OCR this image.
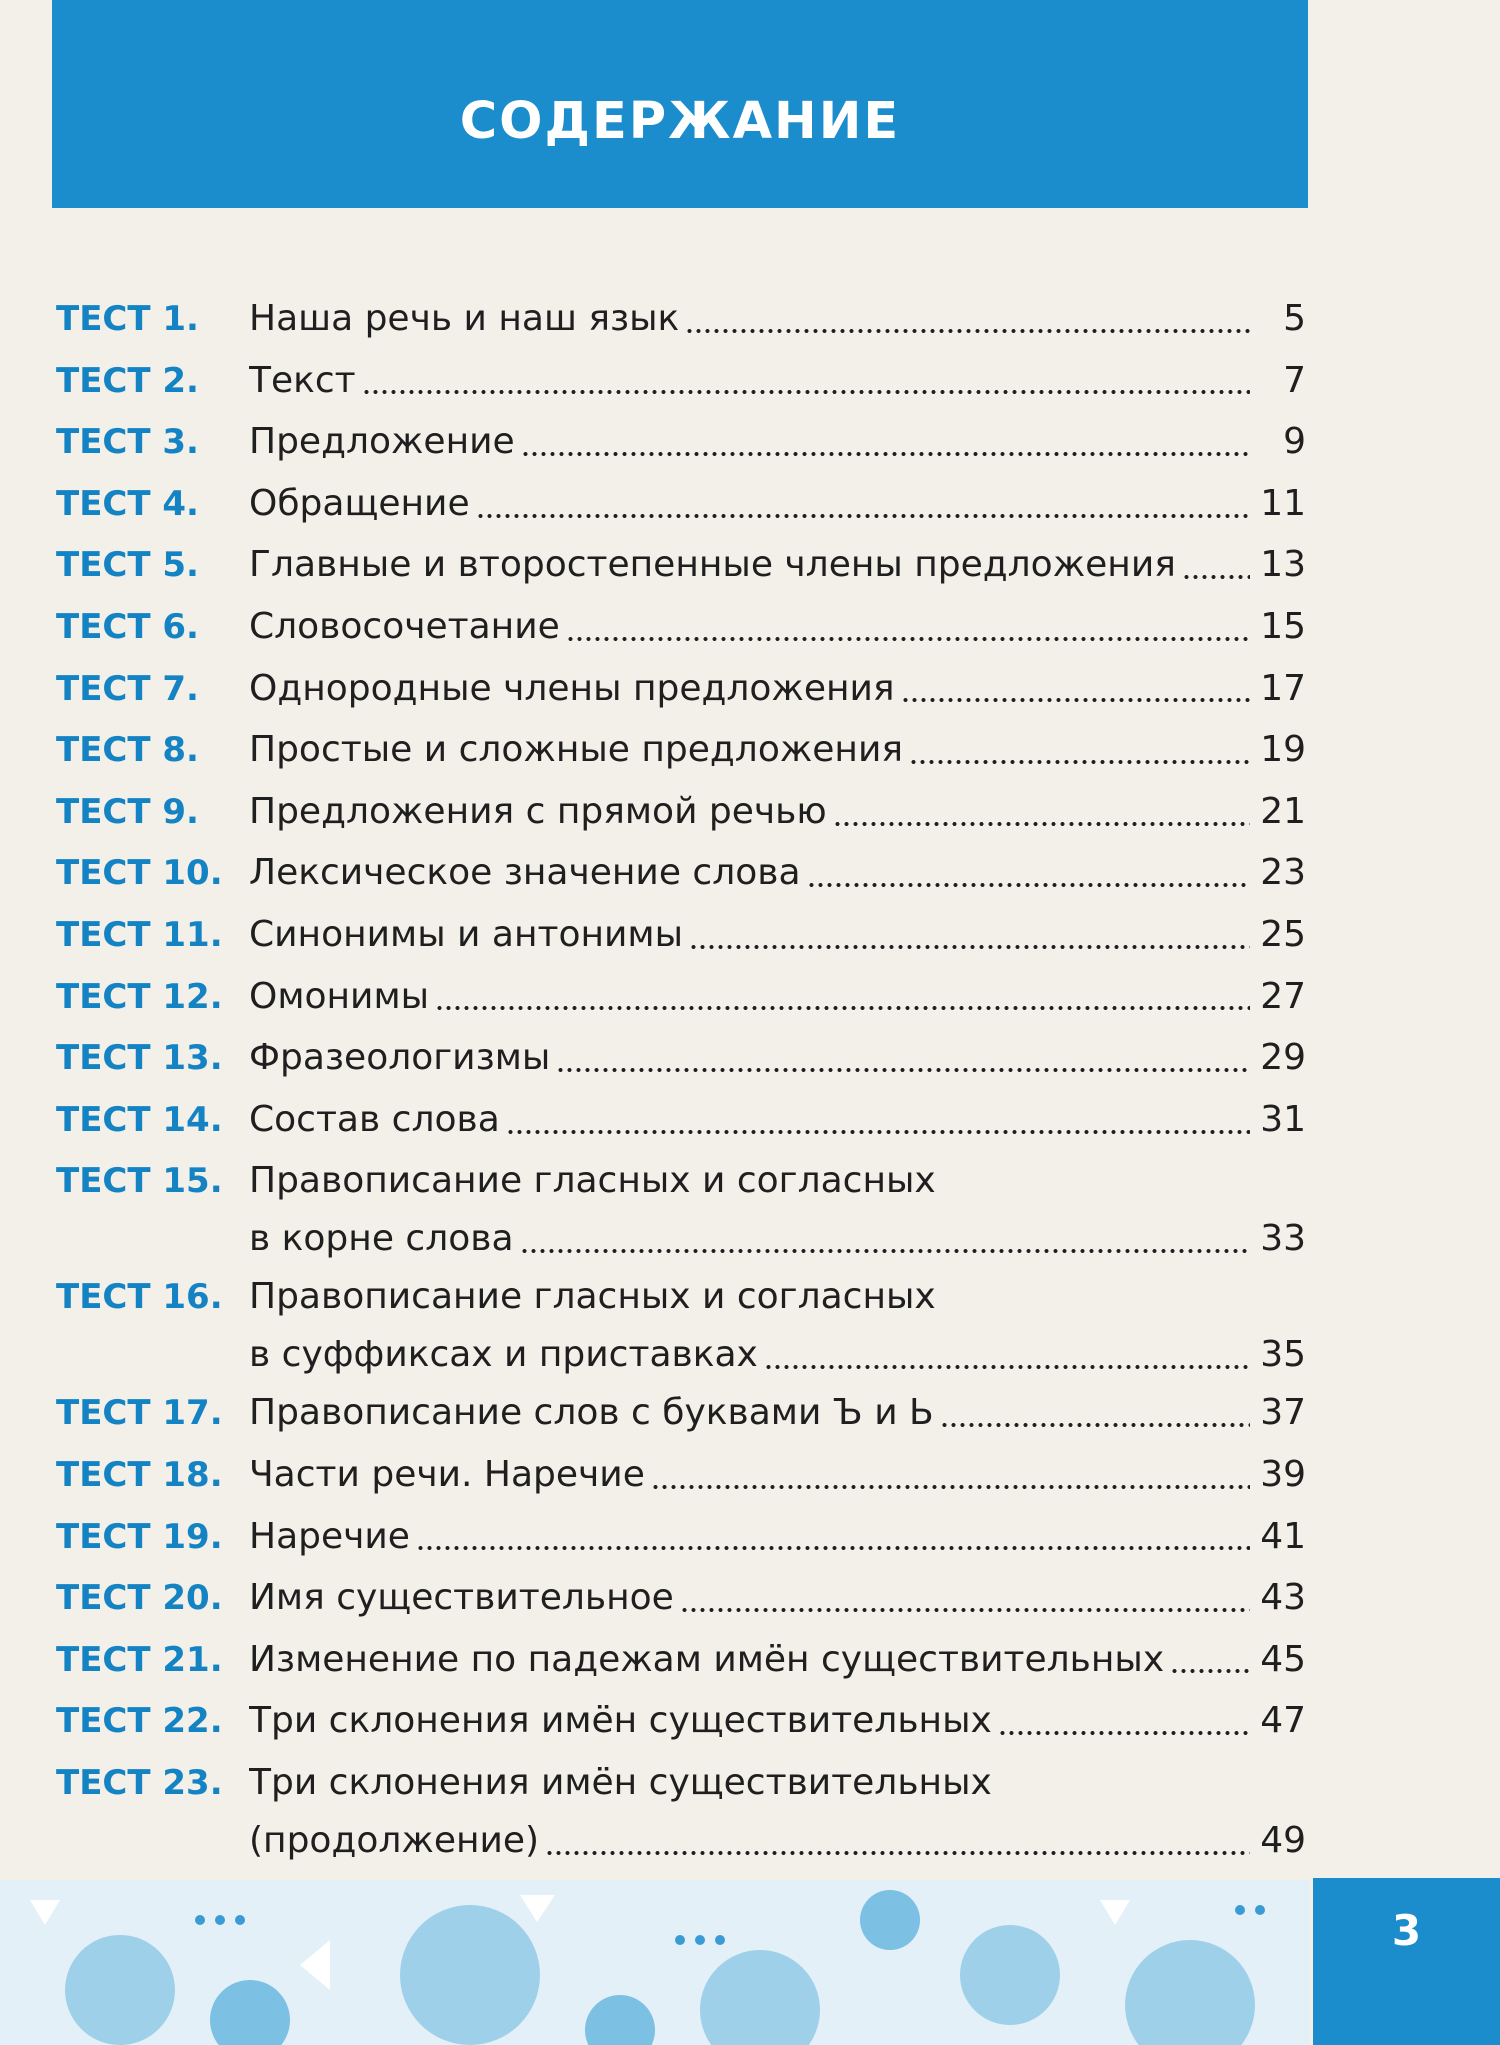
СОДЕРЖАНИЕ
ТЕСТ 1.	Наша речь и наш язык	5
ТЕСТ 2.	Текст	7
ТЕСТ 3.	Предложение	9
ТЕСТ 4.	Обращение	11
ТЕСТ 5.	Главные и второстепенные члены предложения 13
ТЕСТ 6.	Словосочетание	15
ТЕСТ 7.	Однородные члены предложения	17
ТЕСТ 8.	Простые и сложные предложения	19
ТЕСТ 9.	Предложения с прямой речью	21
ТЕСТ 10. Лексическое значение слова	23
ТЕСТ 11. Синонимы и антонимы	25
ТЕСТ 12. Омонимы	27
ТЕСТ 13. Фразеологизмы	29
ТЕСТ 14. Состав слова	31
ТЕСТ 15. Правописание гласных и согласных
в корне слова	33
ТЕСТ 16. Правописание гласных и согласных
в суффиксах и приставках	35
ТЕСТ 17. Правописание слов с буквами Ъ и Ь	37
ТЕСТ 18. Части речи. Наречие	39
ТЕСТ 19. Наречие	41
ТЕСТ 20. Имя существительное	43
ТЕСТ 21. Изменение по падежам имён существительных	45
ТЕСТ 22. Три склонения имён существительных	47
ТЕСТ 23. Три склонения имён существительных
(продолжение)	49
3
